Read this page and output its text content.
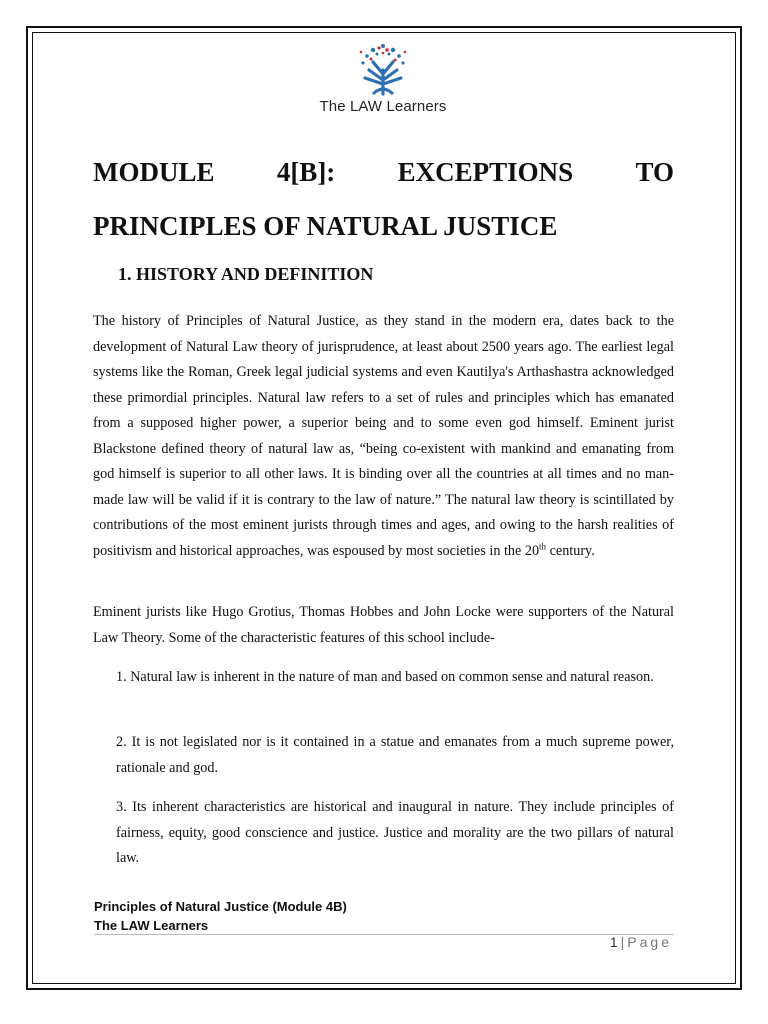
The LAW Learners
MODULE 4[B]: EXCEPTIONS TO
PRINCIPLES OF NATURAL JUSTICE
1. HISTORY AND DEFINITION
The history of Principles of Natural Justice, as they stand in the modern era, dates back to the development of Natural Law theory of jurisprudence, at least about 2500 years ago. The earliest legal systems like the Roman, Greek legal judicial systems and even Kautilya's Arthashastra acknowledged these primordial principles. Natural law refers to a set of rules and principles which has emanated from a supposed higher power, a superior being and to some even god himself. Eminent jurist Blackstone defined theory of natural law as, “being co-existent with mankind and emanating from god himself is superior to all other laws. It is binding over all the countries at all times and no man-made law will be valid if it is contrary to the law of nature.” The natural law theory is scintillated by contributions of the most eminent jurists through times and ages, and owing to the harsh realities of positivism and historical approaches, was espoused by most societies in the 20th century.
Eminent jurists like Hugo Grotius, Thomas Hobbes and John Locke were supporters of the Natural Law Theory. Some of the characteristic features of this school include-
1. Natural law is inherent in the nature of man and based on common sense and natural reason.
2. It is not legislated nor is it contained in a statue and emanates from a much supreme power, rationale and god.
3. Its inherent characteristics are historical and inaugural in nature. They include principles of fairness, equity, good conscience and justice. Justice and morality are the two pillars of natural law.
Principles of Natural Justice (Module 4B)
The LAW Learners
1 | Page
